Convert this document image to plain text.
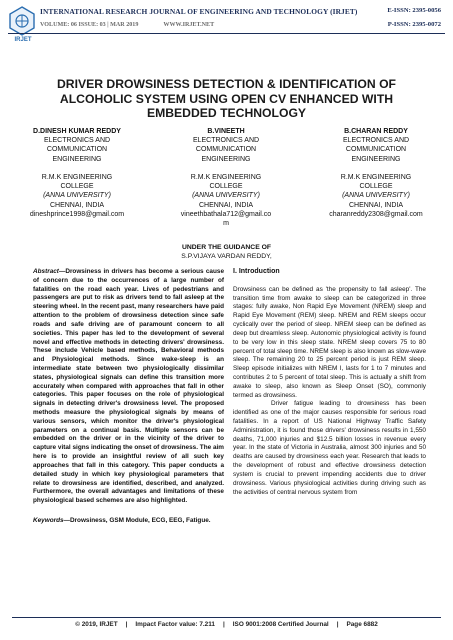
IRJET
INTERNATIONAL RESEARCH JOURNAL OF ENGINEERING AND TECHNOLOGY (IRJET)
VOLUME: 06 ISSUE: 03 | MAR 2019	WWW.IRJET.NET
E-ISSN: 2395-0056
P-ISSN: 2395-0072
DRIVER DROWSINESS DETECTION & IDENTIFICATION OF ALCOHOLIC SYSTEM USING OPEN CV ENHANCED WITH EMBEDDED TECHNOLOGY
D.DINESH KUMAR REDDY
ELECTRONICS AND
COMMUNICATION
ENGINEERING
R.M.K ENGINEERING
COLLEGE
(ANNA UNIVERSITY)
CHENNAI, INDIA
dineshprince1998@gmail.com
B.VINEETH
ELECTRONICS AND
COMMUNICATION
ENGINEERING
R.M.K ENGINEERING
COLLEGE
(ANNA UNIVERSITY)
CHENNAI, INDIA
vineethbathala712@gmail.co
m
B.CHARAN REDDY
ELECTRONICS AND
COMMUNICATION
ENGINEERING
R.M.K ENGINEERING
COLLEGE
(ANNA UNIVERSITY)
CHENNAI, INDIA
charanreddy2308@gmail.com
UNDER THE GUIDANCE OF
S.P.VIJAYA VARDAN REDDY,

Abstract—Drowsiness in drivers has become a serious cause of concern due to the occurrences of a large number of fatalities on the road each year. Lives of pedestrians and passengers are put to risk as drivers tend to fall asleep at the steering wheel. In the recent past, many researchers have paid attention to the problem of drowsiness detection since safe roads and safe driving are of paramount concern to all societies. This paper has led to the development of several novel and effective methods in detecting drivers' drowsiness. These include Vehicle based methods, Behavioral methods and Physiological methods. Since wake-sleep is an intermediate state between two physiologically dissimilar states, physiological signals can define this transition more accurately when compared with approaches that fall in other categories. This paper focuses on the role of physiological signals in detecting driver's drowsiness level. The proposed methods measure the physiological signals by means of various sensors, which monitor the driver's physiological parameters on a continual basis. Multiple sensors can be embedded on the driver or in the vicinity of the driver to capture vital signs indicating the onset of drowsiness. The aim here is to provide an insightful review of all such key approaches that fall in this category. This paper conducts a detailed study in which key physiological parameters that relate to drowsiness are identified, described, and analyzed. Furthermore, the overall advantages and limitations of these physiological based schemes are also highlighted.

Keywords—Drowsiness, GSM Module, ECG, EEG, Fatigue.

I. Introduction

Drowsiness can be defined as 'the propensity to fall asleep'. The transition time from awake to sleep can be categorized in three stages: fully awake, Non Rapid Eye Movement (NREM) sleep and Rapid Eye Movement (REM) sleep. NREM and REM sleeps occur cyclically over the period of sleep. NREM sleep can be defined as deep but dreamless sleep. Autonomic physiological activity is found to be very low in this sleep state. NREM sleep covers 75 to 80 percent of total sleep time. NREM sleep is also known as slow-wave sleep. The remaining 20 to 25 percent period is just REM sleep. Sleep episode initializes with NREM I, lasts for 1 to 7 minutes and contributes 2 to 5 percent of total sleep. This is actually a shift from awake to sleep, also known as Sleep Onset (SO), commonly termed as drowsiness.

Driver fatigue leading to drowsiness has been identified as one of the major causes responsible for serious road fatalities. In a report of US National Highway Traffic Safety Administration, it is found those drivers' drowsiness results in 1,550 deaths, 71,000 injuries and $12.5 billion losses in revenue every year. In the state of Victoria in Australia, almost 300 injuries and 50 deaths are caused by drowsiness each year. Research that leads to the development of robust and effective drowsiness detection system is crucial to prevent impending accidents due to driver drowsiness. Various physiological activities during driving such as the activities of central nervous system from

© 2019, IRJET	|	Impact Factor value: 7.211	|	ISO 9001:2008 Certified Journal	|	Page 6882
